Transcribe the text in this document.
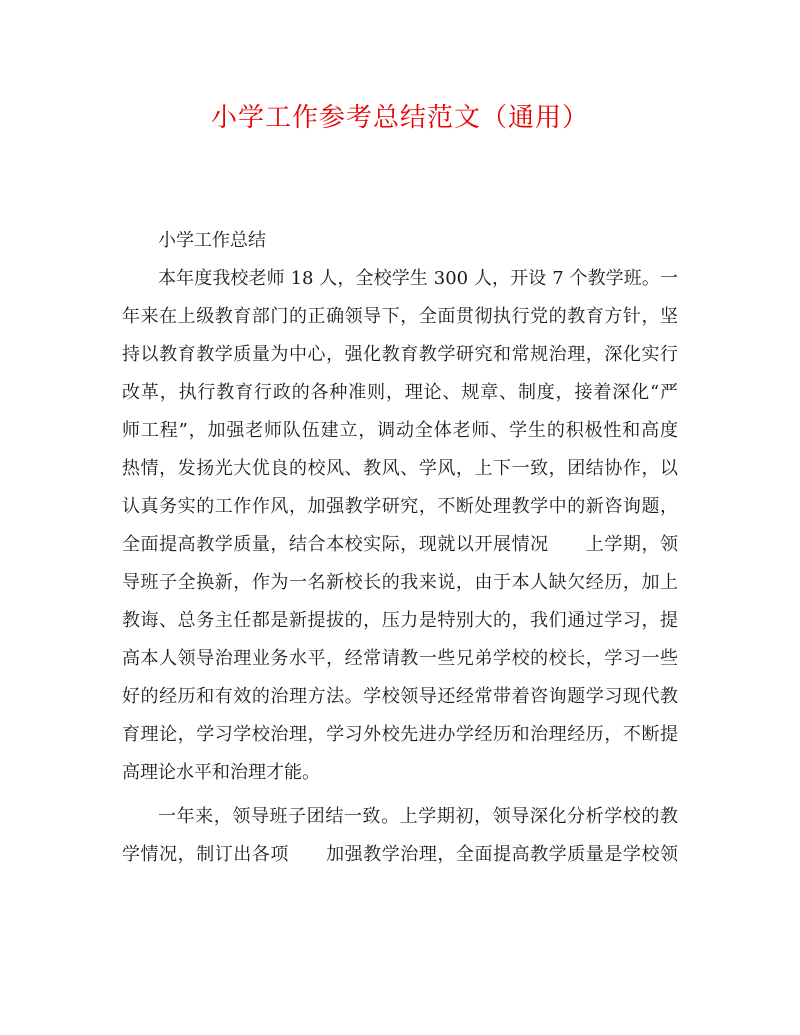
小学工作参考总结范文（通用）
小学工作总结
本年度我校老师 18 人，全校学生 300 人，开设 7 个教学班。一
年来在上级教育部门的正确领导下，全面贯彻执行党的教育方针，坚
持以教育教学质量为中心，强化教育教学研究和常规治理，深化实行
改革，执行教育行政的各种准则，理论、规章、制度，接着深化“严
师工程”，加强老师队伍建立，调动全体老师、学生的积极性和高度
热情，发扬光大优良的校风、教风、学风，上下一致，团结协作，以
认真务实的工作作风，加强教学研究，不断处理教学中的新咨询题，
全面提高教学质量，结合本校实际，现就以开展情况　　上学期，领
导班子全换新，作为一名新校长的我来说，由于本人缺欠经历，加上
教诲、总务主任都是新提拔的，压力是特别大的，我们通过学习，提
高本人领导治理业务水平，经常请教一些兄弟学校的校长，学习一些
好的经历和有效的治理方法。学校领导还经常带着咨询题学习现代教
育理论，学习学校治理，学习外校先进办学经历和治理经历，不断提
高理论水平和治理才能。
一年来，领导班子团结一致。上学期初，领导深化分析学校的教
学情况，制订出各项　　加强教学治理，全面提高教学质量是学校领
